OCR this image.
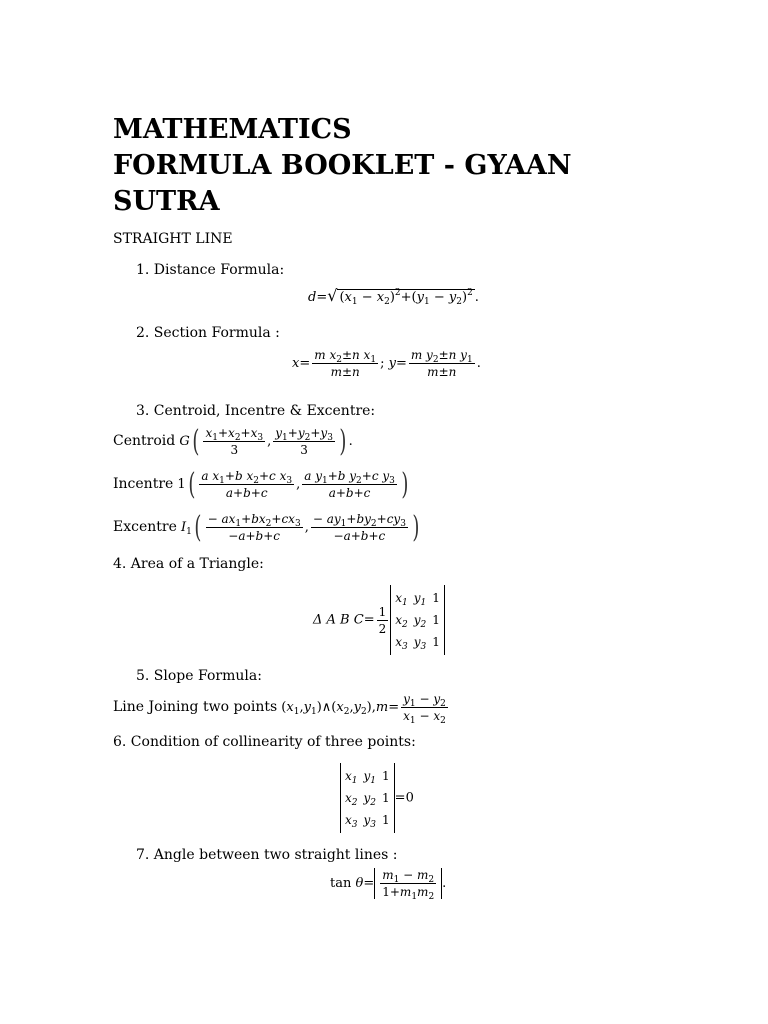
MATHEMATICS
FORMULA BOOKLET - GYAAN
SUTRA
STRAIGHT LINE
1. Distance Formula:
d=√ $(x_1 - x_2)^2+(y_1 - y_2)^2$ .
2. Section Formula :
$x= \frac{m x_2\pm n x_1}{m\pm n}$ ; $y= \frac{m y_2\pm n y_1}{m\pm n}$ .
3. Centroid, Incentre & Excentre:
Centroid $G( \frac{x_1+x_2+x_3}{3}$ , $\frac{y_1+y_2+y_3}{3}$ ) .
Incentre $1( \frac{a x_1+b x_2+c x_3}{a+b+c}$ , $\frac{a y_1+b y_2+c y_3}{a+b+c}$ )
Excentre $I_1( \frac{- ax_1+bx_2+cx_3}{-a+b+c}$ , $\frac{- ay_1+by_2+cy_3}{-a+b+c}$ )
4. Area of a Triangle:
Δ A B $C= \frac{1}{2}$
$x_1$	$y_1$	1
$x_2$	$y_2$	1
$x_3$	$y_3$	1
5. Slope Formula:
Line Joining two points $(x_1,y_1)\wedge(x_2,y_2),m= \frac{y_1 - y_2}{x_1 - x_2}$
6. Condition of collinearity of three points:
$x_1$	$y_1$	1
$x_2$	$y_2$	1
$x_3$	$y_3$	1
=0
7. Angle between two straight lines :
$\tan \theta= \frac{m_1 - m_2}{1+m_1m_2}$ .
